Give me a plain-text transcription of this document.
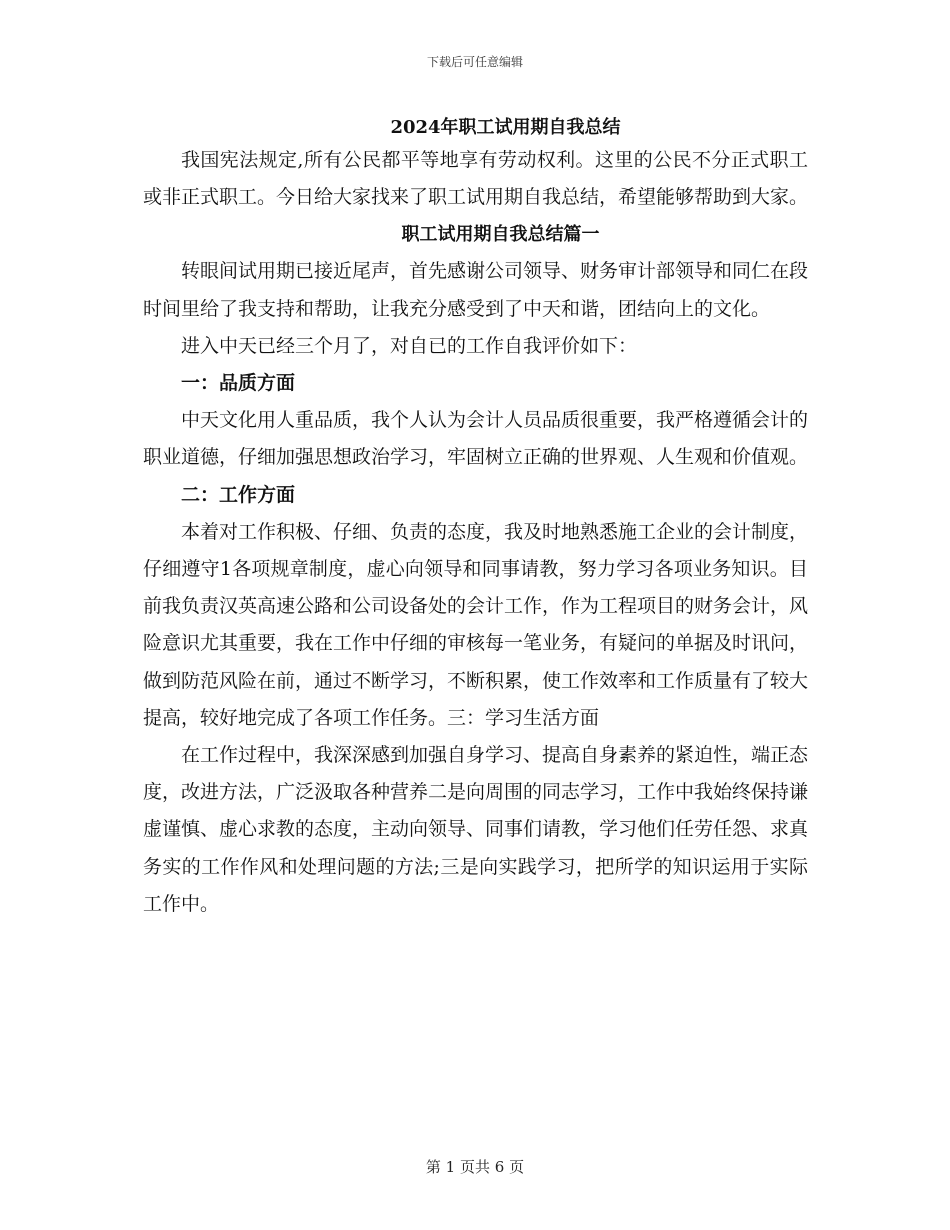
下载后可任意编辑
2024年职工试用期自我总结

我国宪法规定,所有公民都平等地享有劳动权利。这里的公民不分正式职工或非正式职工。今日给大家找来了职工试用期自我总结，希望能够帮助到大家。

职工试用期自我总结篇一

转眼间试用期已接近尾声，首先感谢公司领导、财务审计部领导和同仁在段时间里给了我支持和帮助，让我充分感受到了中天和谐，团结向上的文化。

进入中天已经三个月了，对自已的工作自我评价如下：

一：品质方面

中天文化用人重品质，我个人认为会计人员品质很重要，我严格遵循会计的职业道德，仔细加强思想政治学习，牢固树立正确的世界观、人生观和价值观。

二：工作方面

本着对工作积极、仔细、负责的态度，我及时地熟悉施工企业的会计制度，仔细遵守1各项规章制度，虚心向领导和同事请教，努力学习各项业务知识。目前我负责汉英高速公路和公司设备处的会计工作，作为工程项目的财务会计，风险意识尤其重要，我在工作中仔细的审核每一笔业务，有疑问的单据及时讯问，做到防范风险在前，通过不断学习，不断积累，使工作效率和工作质量有了较大提高，较好地完成了各项工作任务。三：学习生活方面

在工作过程中，我深深感到加强自身学习、提高自身素养的紧迫性，端正态度，改进方法，广泛汲取各种营养二是向周围的同志学习，工作中我始终保持谦虚谨慎、虚心求教的态度，主动向领导、同事们请教，学习他们任劳任怨、求真务实的工作作风和处理问题的方法;三是向实践学习，把所学的知识运用于实际工作中。

第 1 页共 6 页
